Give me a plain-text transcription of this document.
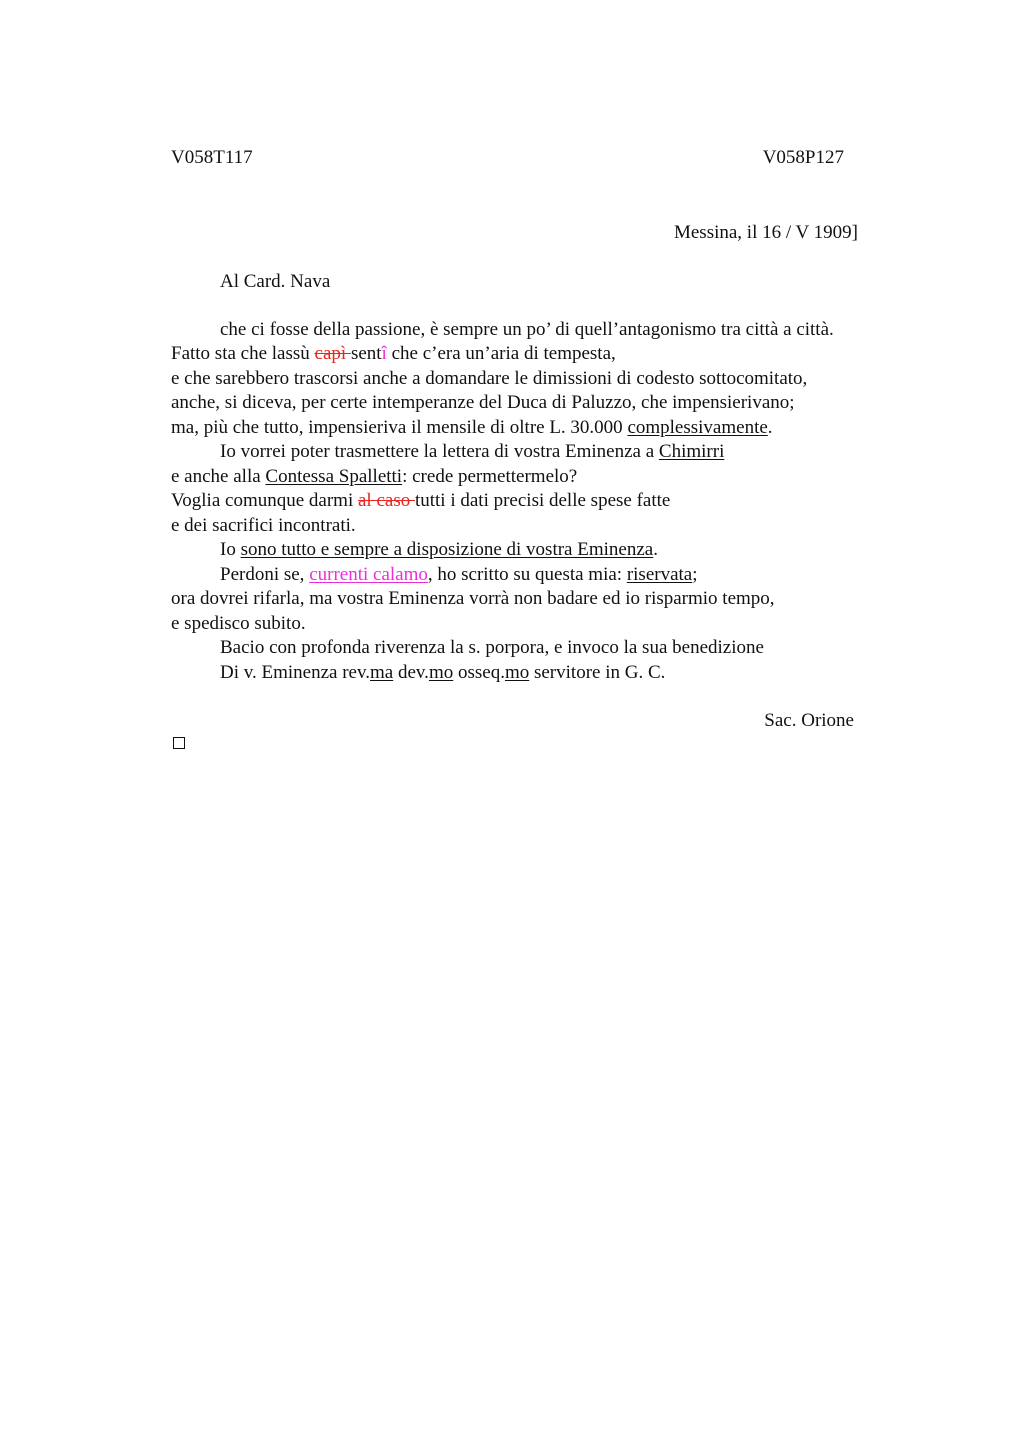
V058T117	V058P127
Messina, il 16 / V 1909]
Al Card. Nava
che ci fosse della passione, è sempre un po’ di quell’antagonismo tra città a città.
Fatto sta che lassù capì sentî che c’era un’aria di tempesta,
e che sarebbero trascorsi anche a domandare le dimissioni di codesto sottocomitato,
anche, si diceva, per certe intemperanze del Duca di Paluzzo, che impensierivano;
ma, più che tutto, impensieriva il mensile di oltre L. 30.000 complessivamente.
Io vorrei poter trasmettere la lettera di vostra Eminenza a Chimirri
e anche alla Contessa Spalletti: crede permettermelo?
Voglia comunque darmi al caso tutti i dati precisi delle spese fatte
e dei sacrifici incontrati.
Io sono tutto e sempre a disposizione di vostra Eminenza.
Perdoni se, currenti calamo, ho scritto su questa mia: riservata;
ora dovrei rifarla, ma vostra Eminenza vorrà non badare ed io risparmio tempo,
e spedisco subito.
Bacio con profonda riverenza la s. porpora, e invoco la sua benedizione
Di v. Eminenza rev.ma dev.mo osseq.mo servitore in G. C.
Sac. Orione
